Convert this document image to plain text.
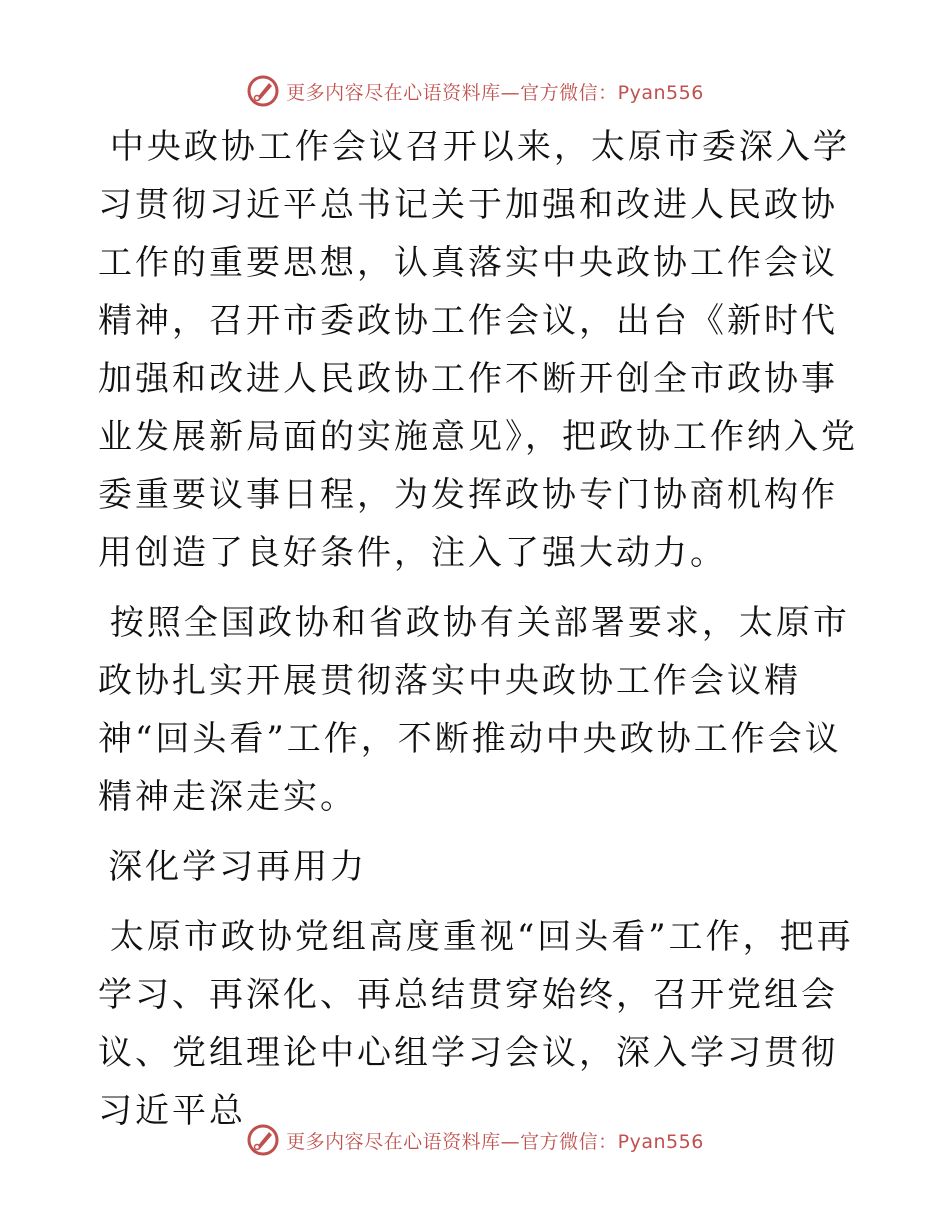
更多内容尽在心语资料库—官方微信：Pyan556

中央政协工作会议召开以来，太原市委深入学习贯彻习近平总书记关于加强和改进人民政协工作的重要思想，认真落实中央政协工作会议精神，召开市委政协工作会议，出台《新时代加强和改进人民政协工作不断开创全市政协事业发展新局面的实施意见》，把政协工作纳入党委重要议事日程，为发挥政协专门协商机构作用创造了良好条件，注入了强大动力。

按照全国政协和省政协有关部署要求，太原市政协扎实开展贯彻落实中央政协工作会议精神“回头看”工作，不断推动中央政协工作会议精神走深走实。

深化学习再用力

太原市政协党组高度重视“回头看”工作，把再学习、再深化、再总结贯穿始终，召开党组会议、党组理论中心组学习会议，深入学习贯彻习近平总

更多内容尽在心语资料库—官方微信：Pyan556
